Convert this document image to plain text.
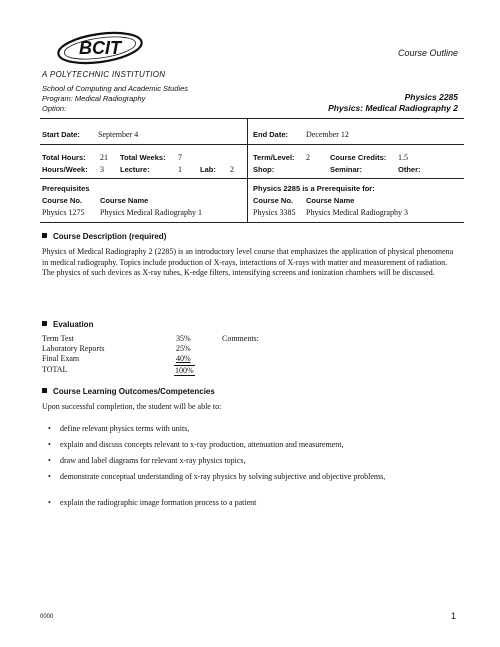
BCIT	Course Outline
A POLYTECHNIC INSTITUTION
School of Computing and Academic Studies
Program: Medical Radiography
Option:
Physics 2285
Physics: Medical Radiography 2
Start Date: September 4	End Date: December 12
Total Hours: 21 Total Weeks: 7	Term/Level: 2	Course Credits: 1.5
Hours/Week: 3 Lecture:	1 Lab: 2	Shop:	Seminar:	Other:
Prerequisites	Physics 2285 is a Prerequisite for:
Course No. Course Name	Course No. Course Name
Physics 1275 Physics Medical Radiography 1	Physics 3385 Physics Medical Radiography 3
Course Description (required)
Physics of Medical Radiography 2 (2285) is an introductory level course that emphasizes the application of physical phenomena in medical radiography. Topics include production of X-rays, interactions of X-rays with matter and measurement of radiation. The physics of such devices as X-ray tubes, K-edge filters, intensifying screens and ionization chambers will be discussed.
Evaluation
Term Test	35%
Laboratory Reports	25%
Final Exam	40%
TOTAL	100%
Comments:
Course Learning Outcomes/Competencies
Upon successful completion, the student will be able to:
• define relevant physics terms with units,
• explain and discuss concepts relevant to x-ray production, attenuation and measurement,
• draw and label diagrams for relevant x-ray physics topics,
• demonstrate conceptual understanding of x-ray physics by solving subjective and objective problems,
• explain the radiographic image formation process to a patient
0000	1
